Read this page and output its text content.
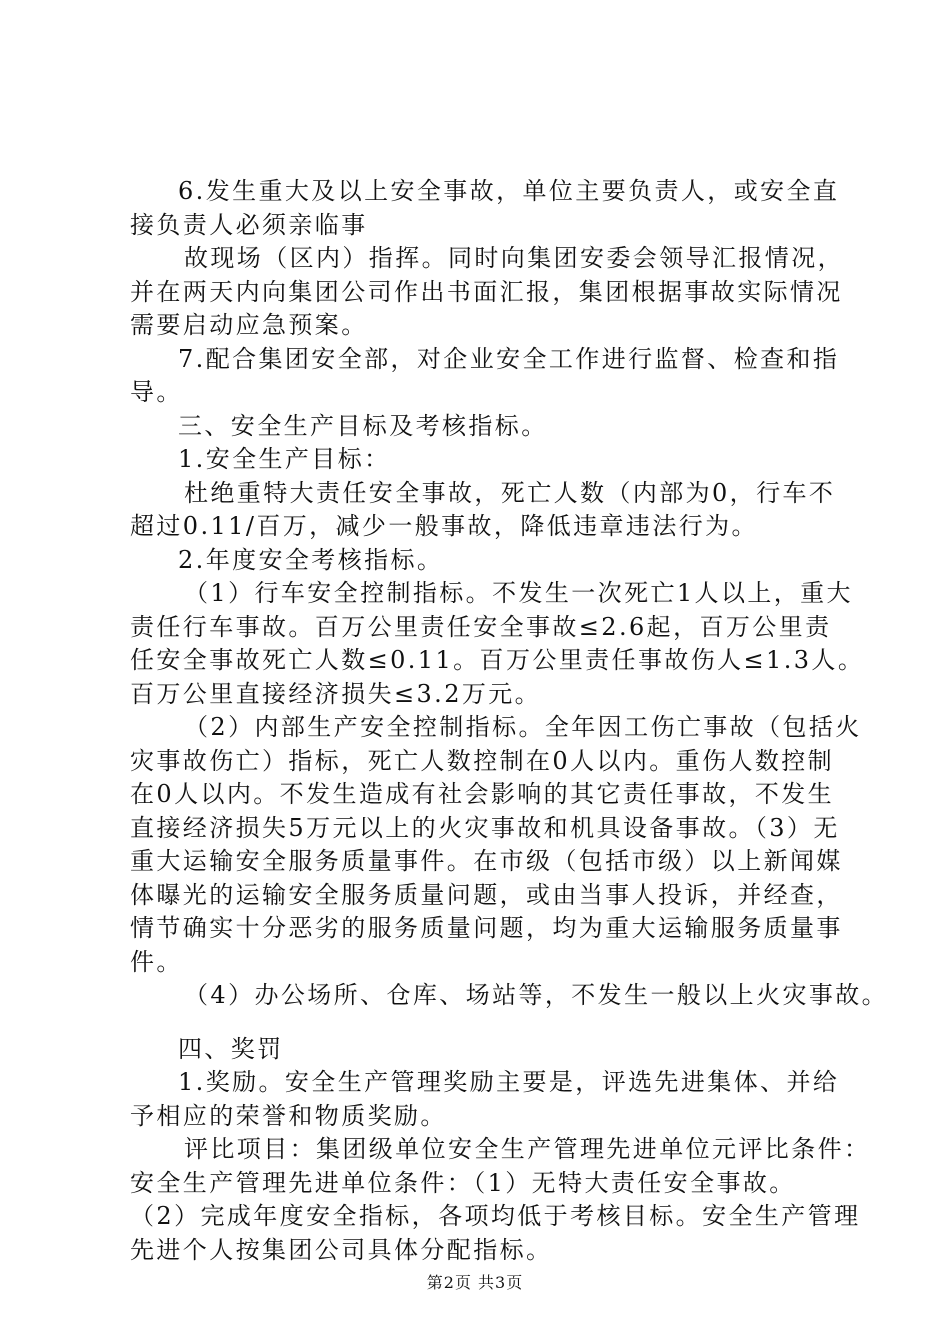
6.发生重大及以上安全事故，单位主要负责人，或安全直
接负责人必须亲临事
故现场（区内）指挥。同时向集团安委会领导汇报情况，
并在两天内向集团公司作出书面汇报，集团根据事故实际情况
需要启动应急预案。
7.配合集团安全部，对企业安全工作进行监督、检查和指
导。
三、安全生产目标及考核指标。
1.安全生产目标：
杜绝重特大责任安全事故，死亡人数（内部为0，行车不
超过0.11/百万，减少一般事故，降低违章违法行为。
2.年度安全考核指标。
（1）行车安全控制指标。不发生一次死亡1人以上，重大
责任行车事故。百万公里责任安全事故≤2.6起，百万公里责
任安全事故死亡人数≤0.11。百万公里责任事故伤人≤1.3人。
百万公里直接经济损失≤3.2万元。
（2）内部生产安全控制指标。全年因工伤亡事故（包括火
灾事故伤亡）指标，死亡人数控制在0人以内。重伤人数控制
在0人以内。不发生造成有社会影响的其它责任事故，不发生
直接经济损失5万元以上的火灾事故和机具设备事故。（3）无
重大运输安全服务质量事件。在市级（包括市级）以上新闻媒
体曝光的运输安全服务质量问题，或由当事人投诉，并经查，
情节确实十分恶劣的服务质量问题，均为重大运输服务质量事
件。
（4）办公场所、仓库、场站等，不发生一般以上火灾事故。
四、奖罚
1.奖励。安全生产管理奖励主要是，评选先进集体、并给
予相应的荣誉和物质奖励。
评比项目：集团级单位安全生产管理先进单位元评比条件：
安全生产管理先进单位条件：（1）无特大责任安全事故。
（2）完成年度安全指标，各项均低于考核目标。安全生产管理
先进个人按集团公司具体分配指标。
第2页 共3页
